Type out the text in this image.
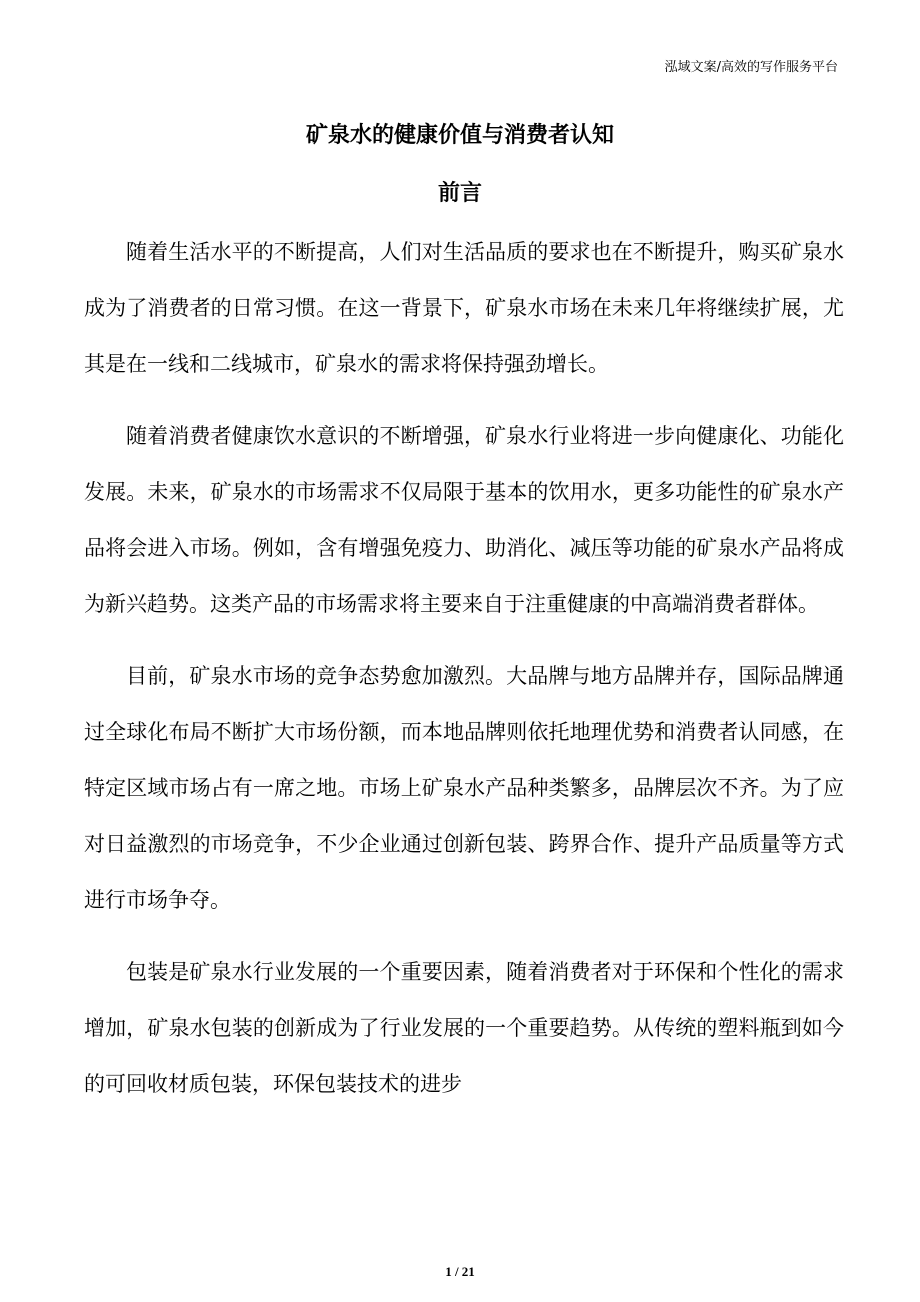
泓域文案/高效的写作服务平台
矿泉水的健康价值与消费者认知
前言

随着生活水平的不断提高，人们对生活品质的要求也在不断提升，购买矿泉水成为了消费者的日常习惯。在这一背景下，矿泉水市场在未来几年将继续扩展，尤其是在一线和二线城市，矿泉水的需求将保持强劲增长。

随着消费者健康饮水意识的不断增强，矿泉水行业将进一步向健康化、功能化发展。未来，矿泉水的市场需求不仅局限于基本的饮用水，更多功能性的矿泉水产品将会进入市场。例如，含有增强免疫力、助消化、减压等功能的矿泉水产品将成为新兴趋势。这类产品的市场需求将主要来自于注重健康的中高端消费者群体。

目前，矿泉水市场的竞争态势愈加激烈。大品牌与地方品牌并存，国际品牌通过全球化布局不断扩大市场份额，而本地品牌则依托地理优势和消费者认同感，在特定区域市场占有一席之地。市场上矿泉水产品种类繁多，品牌层次不齐。为了应对日益激烈的市场竞争，不少企业通过创新包装、跨界合作、提升产品质量等方式进行市场争夺。

包装是矿泉水行业发展的一个重要因素，随着消费者对于环保和个性化的需求增加，矿泉水包装的创新成为了行业发展的一个重要趋势。从传统的塑料瓶到如今的可回收材质包装，环保包装技术的进步

1 / 21
